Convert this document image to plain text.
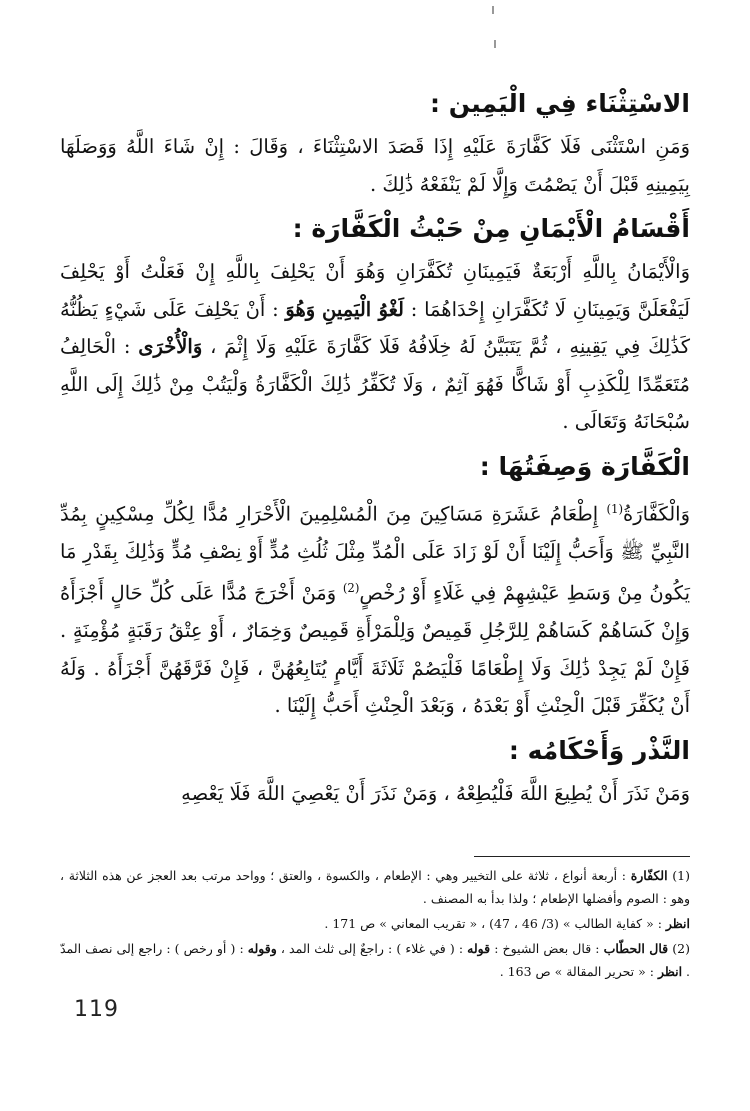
الاسْتِثْنَاء فِي الْيَمِين :
وَمَنِ اسْتَثْنَى فَلَا كَفَّارَةَ عَلَيْهِ إِذَا قَصَدَ الاسْتِثْنَاءَ ، وَقَالَ : إِنْ شَاءَ اللَّهُ وَوَصَلَهَا بِيَمِينِهِ قَبْلَ أَنْ يَصْمُتَ وَإِلَّا لَمْ يَنْفَعْهُ ذَٰلِكَ .
أَقْسَامُ الْأَيْمَانِ مِنْ حَيْثُ الْكَفَّارَة :
وَالْأَيْمَانُ بِاللَّهِ أَرْبَعَةٌ فَيَمِينَانِ تُكَفَّرَانِ وَهُوَ أَنْ يَحْلِفَ بِاللَّهِ إِنْ فَعَلْتُ أَوْ يَحْلِفَ لَيَفْعَلَنَّ وَيَمِينَانِ لَا تُكَفَّرَانِ إِحْدَاهُمَا : لَغْوُ الْيَمِينِ وَهُوَ : أَنْ يَحْلِفَ عَلَى شَيْءٍ يَظُنُّهُ كَذَٰلِكَ فِي يَقِينِهِ ، ثُمَّ يَتَبَيَّنُ لَهُ خِلَافُهُ فَلَا كَفَّارَةَ عَلَيْهِ وَلَا إِثْمَ ، وَالْأُخْرَى : الْحَالِفُ مُتَعَمِّدًا لِلْكَذِبِ أَوْ شَاكًّا فَهُوَ آثِمٌ ، وَلَا تُكَفِّرُ ذَٰلِكَ الْكَفَّارَةُ وَلْيَتُبْ مِنْ ذَٰلِكَ إِلَى اللَّهِ سُبْحَانَهُ وَتَعَالَى .
الْكَفَّارَة وَصِفَتُهَا :
وَالْكَفَّارَةُ$^{(1)}$ إِطْعَامُ عَشَرَةِ مَسَاكِينَ مِنَ الْمُسْلِمِينَ الْأَحْرَارِ مُدًّا لِكُلِّ مِسْكِينٍ بِمُدِّ النَّبِيِّ ﷺ وَأَحَبُّ إِلَيْنَا أَنْ لَوْ زَادَ عَلَى الْمُدِّ مِثْلَ ثُلُثِ مُدٍّ أَوْ نِصْفِ مُدٍّ وَذَٰلِكَ بِقَدْرِ مَا يَكُونُ مِنْ وَسَطِ عَيْشِهِمْ فِي غَلَاءٍ أَوْ رُخْصٍ$^{(2)}$ وَمَنْ أَخْرَجَ مُدًّا عَلَى كُلِّ حَالٍ أَجْزَأَهُ وَإِنْ كَسَاهُمْ كَسَاهُمْ لِلرَّجُلِ قَمِيصٌ وَلِلْمَرْأَةِ قَمِيصٌ وَخِمَارٌ ، أَوْ عِتْقُ رَقَبَةٍ مُؤْمِنَةٍ . فَإِنْ لَمْ يَجِدْ ذَٰلِكَ وَلَا إِطْعَامًا فَلْيَصُمْ ثَلَاثَةَ أَيَّامٍ يُتَابِعُهُنَّ ، فَإِنْ فَرَّقَهُنَّ أَجْزَأَهُ . وَلَهُ أَنْ يُكَفِّرَ قَبْلَ الْحِنْثِ أَوْ بَعْدَهُ ، وَبَعْدَ الْحِنْثِ أَحَبُّ إِلَيْنَا .
النَّذْر وَأَحْكَامُه :
وَمَنْ نَذَرَ أَنْ يُطِيعَ اللَّهَ فَلْيُطِعْهُ ، وَمَنْ نَذَرَ أَنْ يَعْصِيَ اللَّهَ فَلَا يَعْصِهِ

(1) الكفّارة : أربعة أنواع ، ثلاثة على التخيير وهي : الإطعام ، والكسوة ، والعتق ؛ وواحد مرتب بعد العجز عن هذه الثلاثة ، وهو : الصوم وأفضلها الإطعام ؛ ولذا بدأ به المصنف .

انظر : « كفاية الطالب » (3/ 46 ، 47) ، « تقريب المعاني » ص 171 .

(2) قال الحطّاب : قال بعض الشيوخ : قوله : ( في غلاء ) : راجعٌ إلى ثلث المد ، وقوله : ( أو رخص ) : راجع إلى نصف المدّ . انظر : « تحرير المقالة » ص 163 .

119
